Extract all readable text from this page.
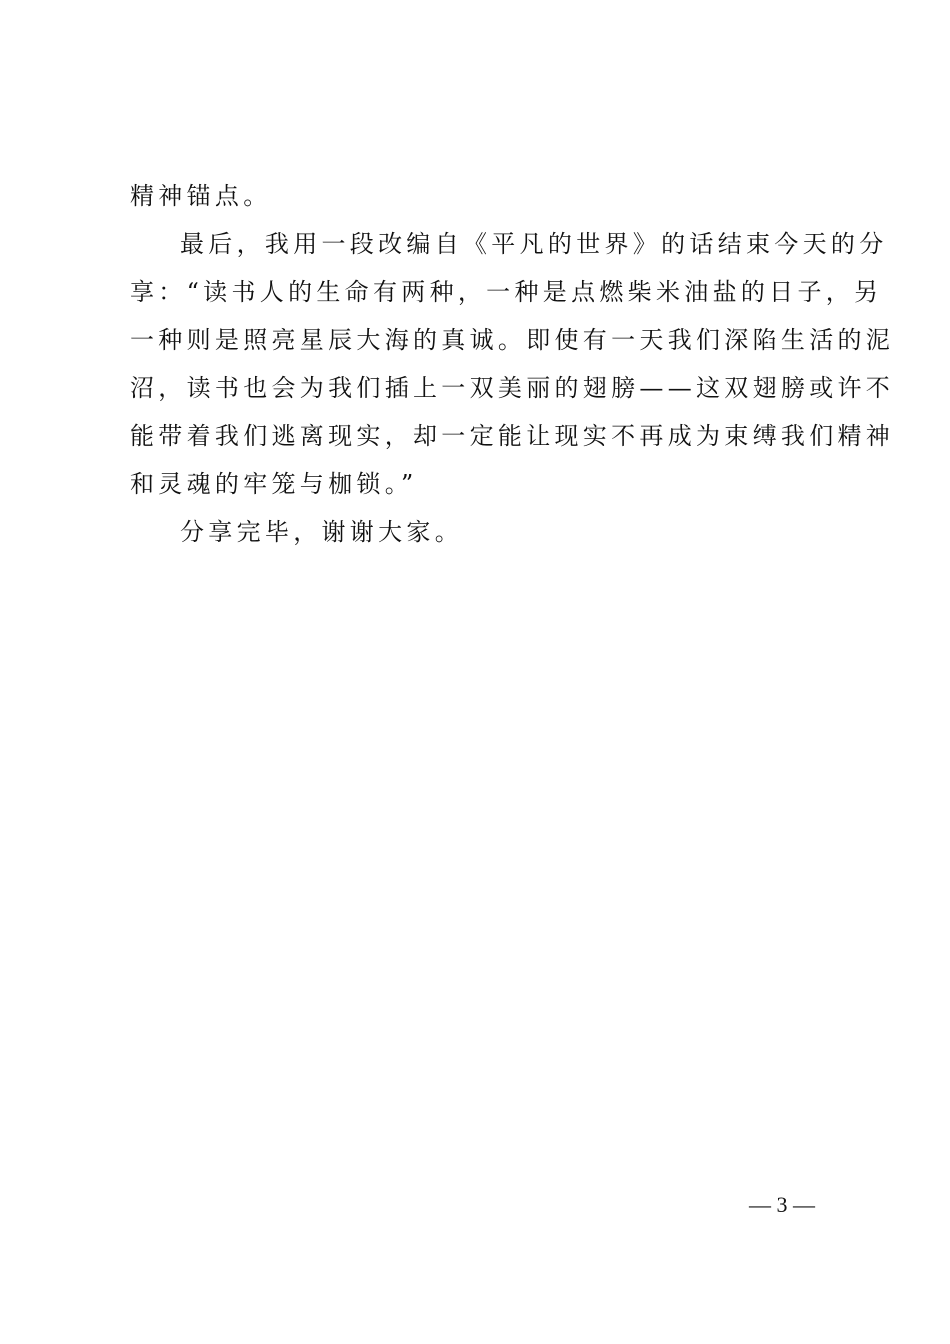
精神锚点。
最后，我用一段改编自《平凡的世界》的话结束今天的分
享：“读书人的生命有两种，一种是点燃柴米油盐的日子，另
一种则是照亮星辰大海的真诚。即使有一天我们深陷生活的泥
沼，读书也会为我们插上一双美丽的翅膀——这双翅膀或许不
能带着我们逃离现实，却一定能让现实不再成为束缚我们精神
和灵魂的牢笼与枷锁。”
分享完毕，谢谢大家。
— 3 —
